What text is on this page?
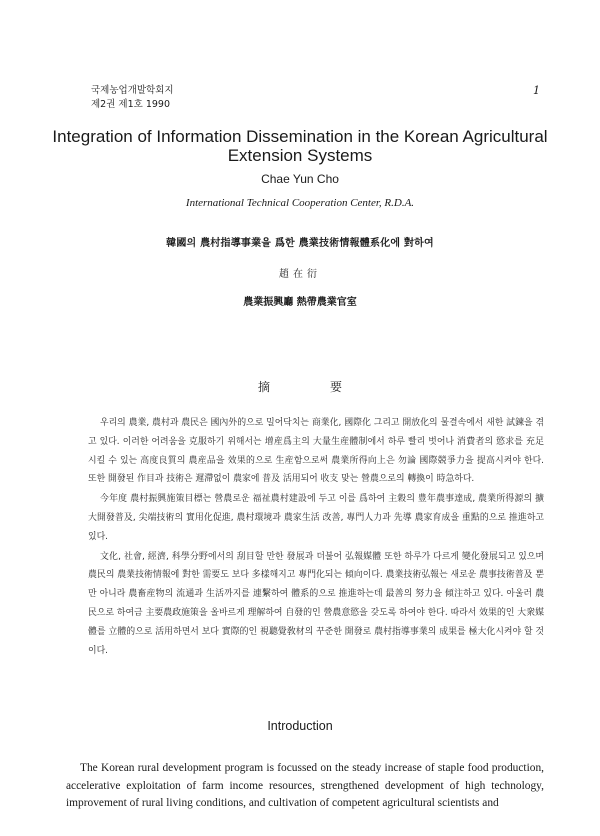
국제농업개발학회지
제2권 제1호 1990
1
Integration of Information Dissemination in the Korean Agricultural Extension Systems
Chae Yun Cho
International Technical Cooperation Center, R.D.A.
韓國의 農村指導事業을 爲한 農業技術情報體系化에 對하여
趙在衍
農業振興廳 熱帶農業官室
摘要

우리의 農業, 農村과 農民은 國內外的으로 밀어닥치는 商業化, 國際化 그리고 開放化의 물결속에서 새한 試鍊을 겪고 있다. 이러한 어려움을 克服하기 위해서는 增産爲主의 大量生産體制에서 하루 빨리 벗어나 消費者의 慾求를 充足시킬 수 있는 高度良質의 農産品을 效果的으로 生産함으로써 農業所得向上은 勿論 國際競爭力을 提高시켜야 한다. 또한 開發된 作目과 技術은 遲滯없이 農家에 普及 活用되어 收支 맞는 營農으로의 轉換이 時急하다.

今年度 農村振興施策目標는 營農로운 福祉農村建設에 두고 이를 爲하여 主穀의 豊年農事達成, 農業所得源의 擴大開發普及, 尖端技術의 實用化促進, 農村環境과 農家生活 改善, 專門人力과 先導 農家育成을 重點的으로 推進하고 있다.

文化, 社會, 經濟, 科學分野에서의 刮目할 만한 發展과 더불어 弘報媒體 또한 하루가 다르게 變化發展되고 있으며 農民의 農業技術情報에 對한 需要도 보다 多樣해지고 專門化되는 傾向이다. 農業技術弘報는 새로운 農事技術普及 뿐만 아니라 農畜産物의 流通과 生活까지를 連繫하여 體系的으로 推進하는데 最善의 努力을 傾注하고 있다. 아울러 農民으로 하여금 主要農政施策을 올바르게 理解하여 自發的인 營農意慾을 갖도록 하여야 한다. 따라서 效果的인 大衆媒體를 立體的으로 活用하면서 보다 實際的인 視聽覺敎材의 꾸준한 開發로 農村指導事業의 成果를 極大化시켜야 할 것이다.

Introduction

The Korean rural development program is focussed on the steady increase of staple food production, accelerative exploitation of farm income resources, strengthened development of high technology, improvement of rural living conditions, and cultivation of competent agricultural scientists and
